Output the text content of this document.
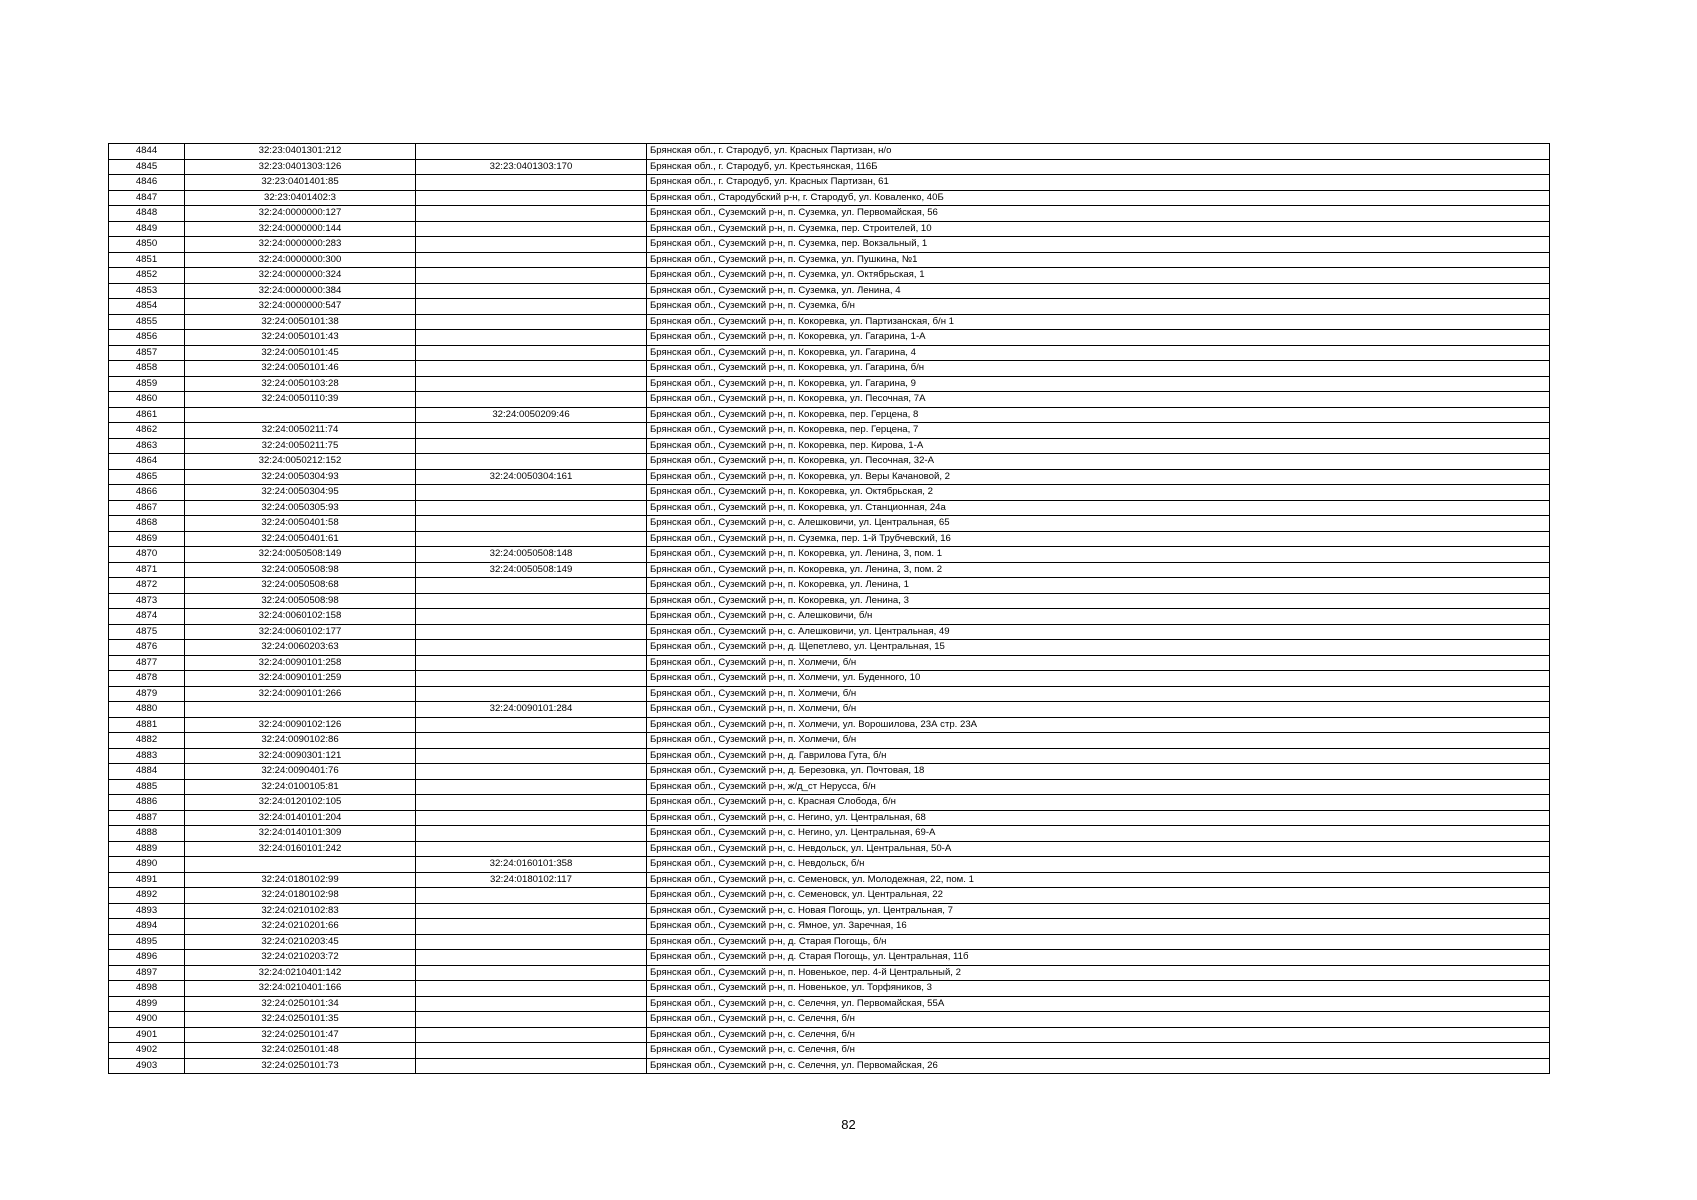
4844	32:23:0401301:212		Брянская обл., г. Стародуб, ул. Красных Партизан, н/о
4845	32:23:0401303:126	32:23:0401303:170	Брянская обл., г. Стародуб, ул. Крестьянская, 116Б
4846	32:23:0401401:85		Брянская обл., г. Стародуб, ул. Красных Партизан, 61
4847	32:23:0401402:3		Брянская обл., Стародубский р-н, г. Стародуб, ул. Коваленко, 40Б
4848	32:24:0000000:127		Брянская обл., Суземский р-н, п. Суземка, ул. Первомайская, 56
4849	32:24:0000000:144		Брянская обл., Суземский р-н, п. Суземка, пер. Строителей, 10
4850	32:24:0000000:283		Брянская обл., Суземский р-н, п. Суземка, пер. Вокзальный, 1
4851	32:24:0000000:300		Брянская обл., Суземский р-н, п. Суземка, ул. Пушкина, №1
4852	32:24:0000000:324		Брянская обл., Суземский р-н, п. Суземка, ул. Октябрьская, 1
4853	32:24:0000000:384		Брянская обл., Суземский р-н, п. Суземка, ул. Ленина, 4
4854	32:24:0000000:547		Брянская обл., Суземский р-н, п. Суземка, б/н
4855	32:24:0050101:38		Брянская обл., Суземский р-н, п. Кокоревка, ул. Партизанская, б/н 1
4856	32:24:0050101:43		Брянская обл., Суземский р-н, п. Кокоревка, ул. Гагарина, 1-А
4857	32:24:0050101:45		Брянская обл., Суземский р-н, п. Кокоревка, ул. Гагарина, 4
4858	32:24:0050101:46		Брянская обл., Суземский р-н, п. Кокоревка, ул. Гагарина, б/н
4859	32:24:0050103:28		Брянская обл., Суземский р-н, п. Кокоревка, ул. Гагарина, 9
4860	32:24:0050110:39		Брянская обл., Суземский р-н, п. Кокоревка, ул. Песочная, 7А
4861		32:24:0050209:46	Брянская обл., Суземский р-н, п. Кокоревка, пер. Герцена, 8
4862	32:24:0050211:74		Брянская обл., Суземский р-н, п. Кокоревка, пер. Герцена, 7
4863	32:24:0050211:75		Брянская обл., Суземский р-н, п. Кокоревка, пер. Кирова, 1-А
4864	32:24:0050212:152		Брянская обл., Суземский р-н, п. Кокоревка, ул. Песочная, 32-А
4865	32:24:0050304:93	32:24:0050304:161	Брянская обл., Суземский р-н, п. Кокоревка, ул. Веры Качановой, 2
4866	32:24:0050304:95		Брянская обл., Суземский р-н, п. Кокоревка, ул. Октябрьская, 2
4867	32:24:0050305:93		Брянская обл., Суземский р-н, п. Кокоревка, ул. Станционная, 24а
4868	32:24:0050401:58		Брянская обл., Суземский р-н, с. Алешковичи, ул. Центральная, 65
4869	32:24:0050401:61		Брянская обл., Суземский р-н, п. Суземка, пер. 1-й Трубчевский, 16
4870	32:24:0050508:149	32:24:0050508:148	Брянская обл., Суземский р-н, п. Кокоревка, ул. Ленина, 3, пом. 1
4871	32:24:0050508:98	32:24:0050508:149	Брянская обл., Суземский р-н, п. Кокоревка, ул. Ленина, 3, пом. 2
4872	32:24:0050508:68		Брянская обл., Суземский р-н, п. Кокоревка, ул. Ленина, 1
4873	32:24:0050508:98		Брянская обл., Суземский р-н, п. Кокоревка, ул. Ленина, 3
4874	32:24:0060102:158		Брянская обл., Суземский р-н, с. Алешковичи, б/н
4875	32:24:0060102:177		Брянская обл., Суземский р-н, с. Алешковичи, ул. Центральная, 49
4876	32:24:0060203:63		Брянская обл., Суземский р-н, д. Щепетлево, ул. Центральная, 15
4877	32:24:0090101:258		Брянская обл., Суземский р-н, п. Холмечи, б/н
4878	32:24:0090101:259		Брянская обл., Суземский р-н, п. Холмечи, ул. Буденного, 10
4879	32:24:0090101:266		Брянская обл., Суземский р-н, п. Холмечи, б/н
4880		32:24:0090101:284	Брянская обл., Суземский р-н, п. Холмечи, б/н
4881	32:24:0090102:126		Брянская обл., Суземский р-н, п. Холмечи, ул. Ворошилова, 23А стр. 23А
4882	32:24:0090102:86		Брянская обл., Суземский р-н, п. Холмечи, б/н
4883	32:24:0090301:121		Брянская обл., Суземский р-н, д. Гаврилова Гута, б/н
4884	32:24:0090401:76		Брянская обл., Суземский р-н, д. Березовка, ул. Почтовая, 18
4885	32:24:0100105:81		Брянская обл., Суземский р-н, ж/д_ст Неруcса, б/н
4886	32:24:0120102:105		Брянская обл., Суземский р-н, с. Красная Слобода, б/н
4887	32:24:0140101:204		Брянская обл., Суземский р-н, с. Негино, ул. Центральная, 68
4888	32:24:0140101:309		Брянская обл., Суземский р-н, с. Негино, ул. Центральная, 69-А
4889	32:24:0160101:242		Брянская обл., Суземский р-н, с. Невдольск, ул. Центральная, 50-А
4890		32:24:0160101:358	Брянская обл., Суземский р-н, с. Невдольск, б/н
4891	32:24:0180102:99	32:24:0180102:117	Брянская обл., Суземский р-н, с. Семеновск, ул. Молодежная, 22, пом. 1
4892	32:24:0180102:98		Брянская обл., Суземский р-н, с. Семеновск, ул. Центральная, 22
4893	32:24:0210102:83		Брянская обл., Суземский р-н, с. Новая Погощь, ул. Центральная, 7
4894	32:24:0210201:66		Брянская обл., Суземский р-н, с. Ямное, ул. Заречная, 16
4895	32:24:0210203:45		Брянская обл., Суземский р-н, д. Старая Погощь, б/н
4896	32:24:0210203:72		Брянская обл., Суземский р-н, д. Старая Погощь, ул. Центральная, 11б
4897	32:24:0210401:142		Брянская обл., Суземский р-н, п. Новенькое, пер. 4-й Центральный, 2
4898	32:24:0210401:166		Брянская обл., Суземский р-н, п. Новенькое, ул. Торфяников, 3
4899	32:24:0250101:34		Брянская обл., Суземский р-н, с. Селечня, ул. Первомайская, 55А
4900	32:24:0250101:35		Брянская обл., Суземский р-н, с. Селечня, б/н
4901	32:24:0250101:47		Брянская обл., Суземский р-н, с. Селечня, б/н
4902	32:24:0250101:48		Брянская обл., Суземский р-н, с. Селечня, б/н
4903	32:24:0250101:73		Брянская обл., Суземский р-н, с. Селечня, ул. Первомайская, 26
82
